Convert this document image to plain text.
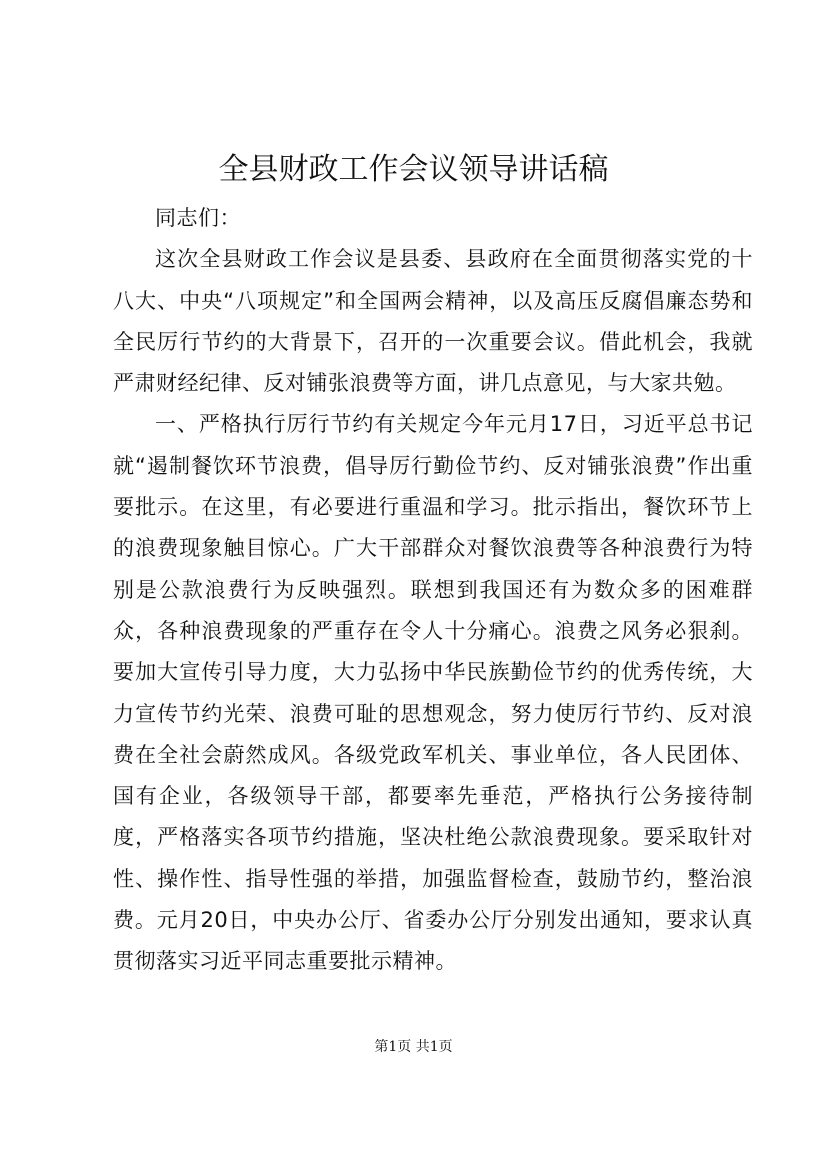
全县财政工作会议领导讲话稿

同志们：

这次全县财政工作会议是县委、县政府在全面贯彻落实党的十八大、中央“八项规定”和全国两会精神，以及高压反腐倡廉态势和全民厉行节约的大背景下，召开的一次重要会议。借此机会，我就严肃财经纪律、反对铺张浪费等方面，讲几点意见，与大家共勉。

一、严格执行厉行节约有关规定今年元月17日，习近平总书记就“遏制餐饮环节浪费，倡导厉行勤俭节约、反对铺张浪费”作出重要批示。在这里，有必要进行重温和学习。批示指出，餐饮环节上的浪费现象触目惊心。广大干部群众对餐饮浪费等各种浪费行为特别是公款浪费行为反映强烈。联想到我国还有为数众多的困难群众，各种浪费现象的严重存在令人十分痛心。浪费之风务必狠刹。要加大宣传引导力度，大力弘扬中华民族勤俭节约的优秀传统，大力宣传节约光荣、浪费可耻的思想观念，努力使厉行节约、反对浪费在全社会蔚然成风。各级党政军机关、事业单位，各人民团体、国有企业，各级领导干部，都要率先垂范，严格执行公务接待制度，严格落实各项节约措施，坚决杜绝公款浪费现象。要采取针对性、操作性、指导性强的举措，加强监督检查，鼓励节约，整治浪费。元月20日，中央办公厅、省委办公厅分别发出通知，要求认真贯彻落实习近平同志重要批示精神。

第1页 共1页
